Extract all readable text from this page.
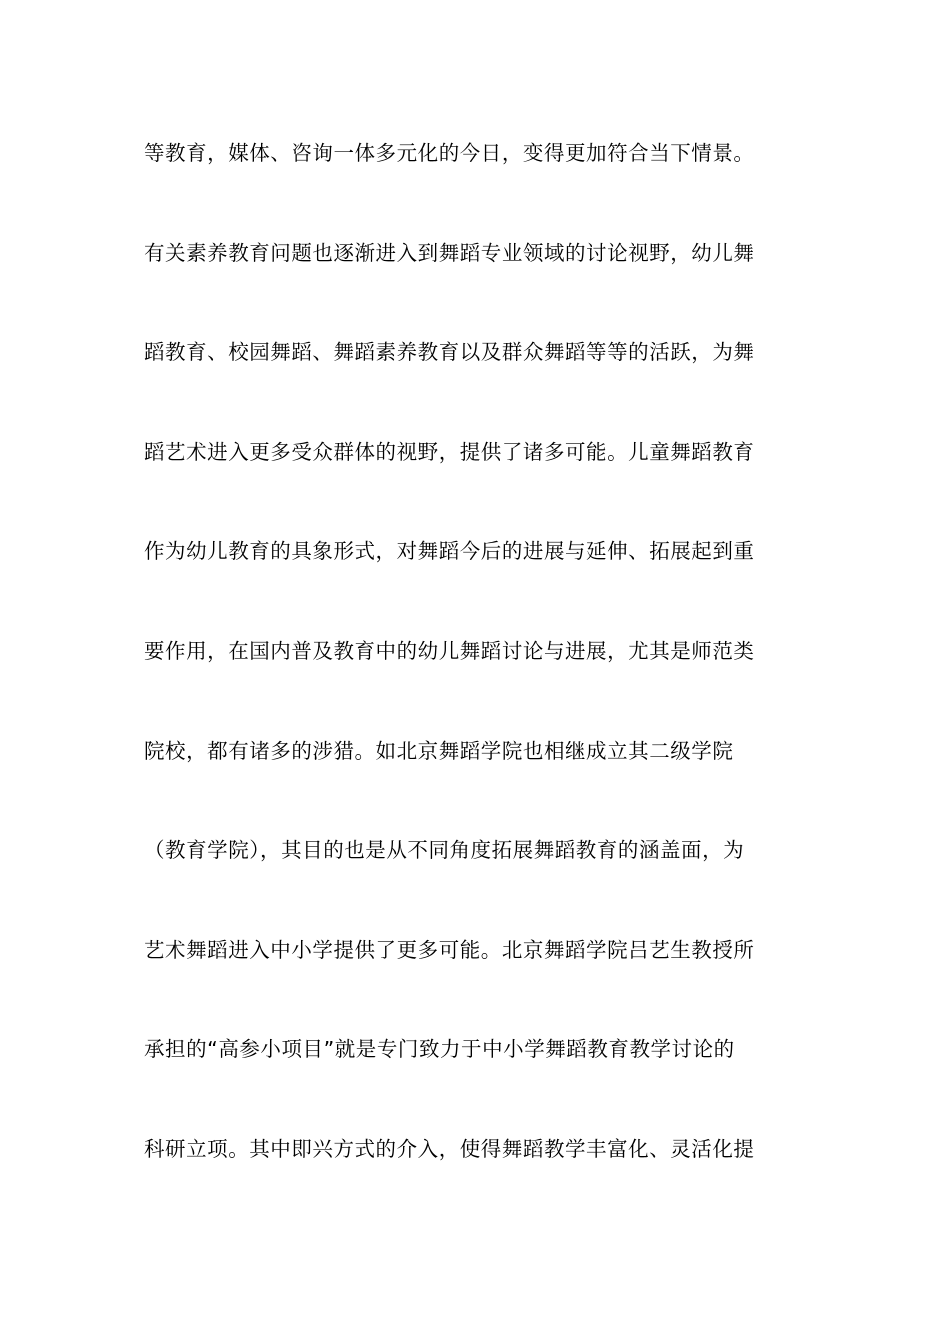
等教育，媒体、咨询一体多元化的今日，变得更加符合当下情景。
有关素养教育问题也逐渐进入到舞蹈专业领域的讨论视野，幼儿舞
蹈教育、校园舞蹈、舞蹈素养教育以及群众舞蹈等等的活跃，为舞
蹈艺术进入更多受众群体的视野，提供了诸多可能。儿童舞蹈教育
作为幼儿教育的具象形式，对舞蹈今后的进展与延伸、拓展起到重
要作用，在国内普及教育中的幼儿舞蹈讨论与进展，尤其是师范类
院校，都有诸多的涉猎。如北京舞蹈学院也相继成立其二级学院
（教育学院），其目的也是从不同角度拓展舞蹈教育的涵盖面，为
艺术舞蹈进入中小学提供了更多可能。北京舞蹈学院吕艺生教授所
承担的“高参小项目”就是专门致力于中小学舞蹈教育教学讨论的
科研立项。其中即兴方式的介入，使得舞蹈教学丰富化、灵活化提
